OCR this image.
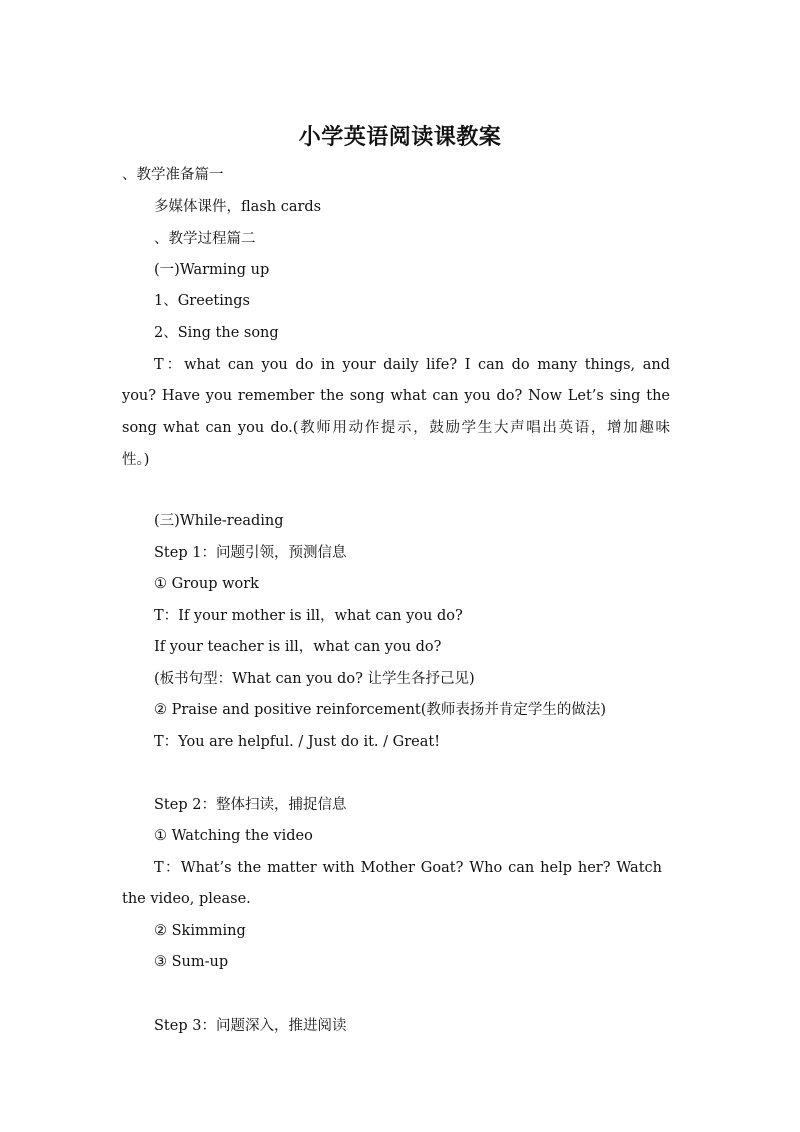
小学英语阅读课教案
、教学准备篇一
多媒体课件，flash cards
、教学过程篇二
(一)Warming up
1、Greetings
2、Sing the song
T：what can you do in your daily life? I can do many things, and
you? Have you remember the song what can you do? Now Let’s sing the
song what can you do.(教师用动作提示，鼓励学生大声唱出英语，增加趣味
性。)
(三)While-reading
Step 1：问题引领，预测信息
① Group work
T：If your mother is ill，what can you do?
If your teacher is ill，what can you do?
(板书句型：What can you do? 让学生各抒己见)
② Praise and positive reinforcement(教师表扬并肯定学生的做法)
T：You are helpful. / Just do it. / Great!
Step 2：整体扫读，捕捉信息
① Watching the video
T：What’s the matter with Mother Goat? Who can help her? Watch
the video, please.
② Skimming
③ Sum-up
Step 3：问题深入，推进阅读
